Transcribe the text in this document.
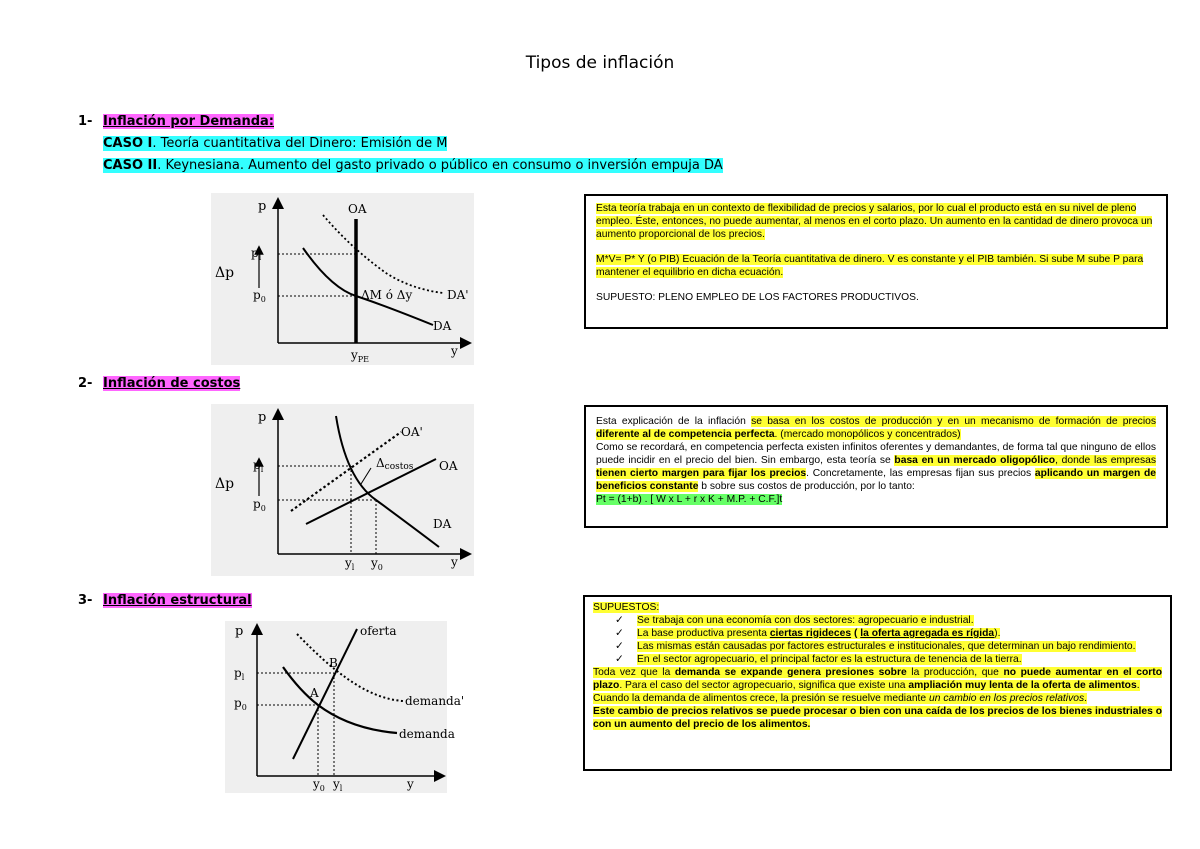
Tipos de inflación
1- Inflación por Demanda:
CASO I. Teoría cuantitativa del Dinero: Emisión de M
CASO II. Keynesiana. Aumento del gasto privado o público en consumo o inversión empuja DA
p	OA
$p_l$
$p_0$
Δp
ΔM ó Δy	DA'
DA
$y_{PE}$
y

Esta teoría trabaja en un contexto de flexibilidad de precios y salarios, por lo cual el producto está en su nivel de pleno empleo. Éste, entonces, no puede aumentar, al menos en el corto plazo. Un aumento en la cantidad de dinero provoca un aumento proporcional de los precios.

M*V= P* Y (o PIB) Ecuación de la Teoría cuantitativa de dinero. V es constante y el PIB también. Si sube M sube P para mantener el equilibrio en dicha ecuación.

SUPUESTO: PLENO EMPLEO DE LOS FACTORES PRODUCTIVOS.

2- Inflación de costos
p
OA'
Δcostos OA
$p_l$
$p_0$
Δp
DA
$y_l$ $y_0$	y

Esta explicación de la inflación se basa en los costos de producción y en un mecanismo de formación de precios diferente al de competencia perfecta. (mercado monopólicos y concentrados)

Como se recordará, en competencia perfecta existen infinitos oferentes y demandantes, de forma tal que ninguno de ellos puede incidir en el precio del bien. Sin embargo, esta teoría se basa en un mercado oligopólico, donde las empresas tienen cierto margen para fijar los precios. Concretamente, las empresas fijan sus precios aplicando un margen de beneficios constante b sobre sus costos de producción, por lo tanto:

Pt = (1+b) . [ W x L + r x K + M.P. + C.F.]t

3- Inflación estructural
p	oferta
B
A
$p_l$
$p_0$	demanda'
demanda
$y_0$ $y_l$	y

SUPUESTOS:

✓ Se trabaja con una economía con dos sectores: agropecuario e industrial.
✓ La base productiva presenta ciertas rigideces ( la oferta agregada es rígida).
✓ Las mismas están causadas por factores estructurales e institucionales, que determinan un bajo rendimiento.
✓ En el sector agropecuario, el principal factor es la estructura de tenencia de la tierra.

Toda vez que la demanda se expande genera presiones sobre la producción, que no puede aumentar en el corto plazo. Para el caso del sector agropecuario, significa que existe una ampliación muy lenta de la oferta de alimentos.

Cuando la demanda de alimentos crece, la presión se resuelve mediante un cambio en los precios relativos.

Este cambio de precios relativos se puede procesar o bien con una caída de los precios de los bienes industriales o con un aumento del precio de los alimentos.
